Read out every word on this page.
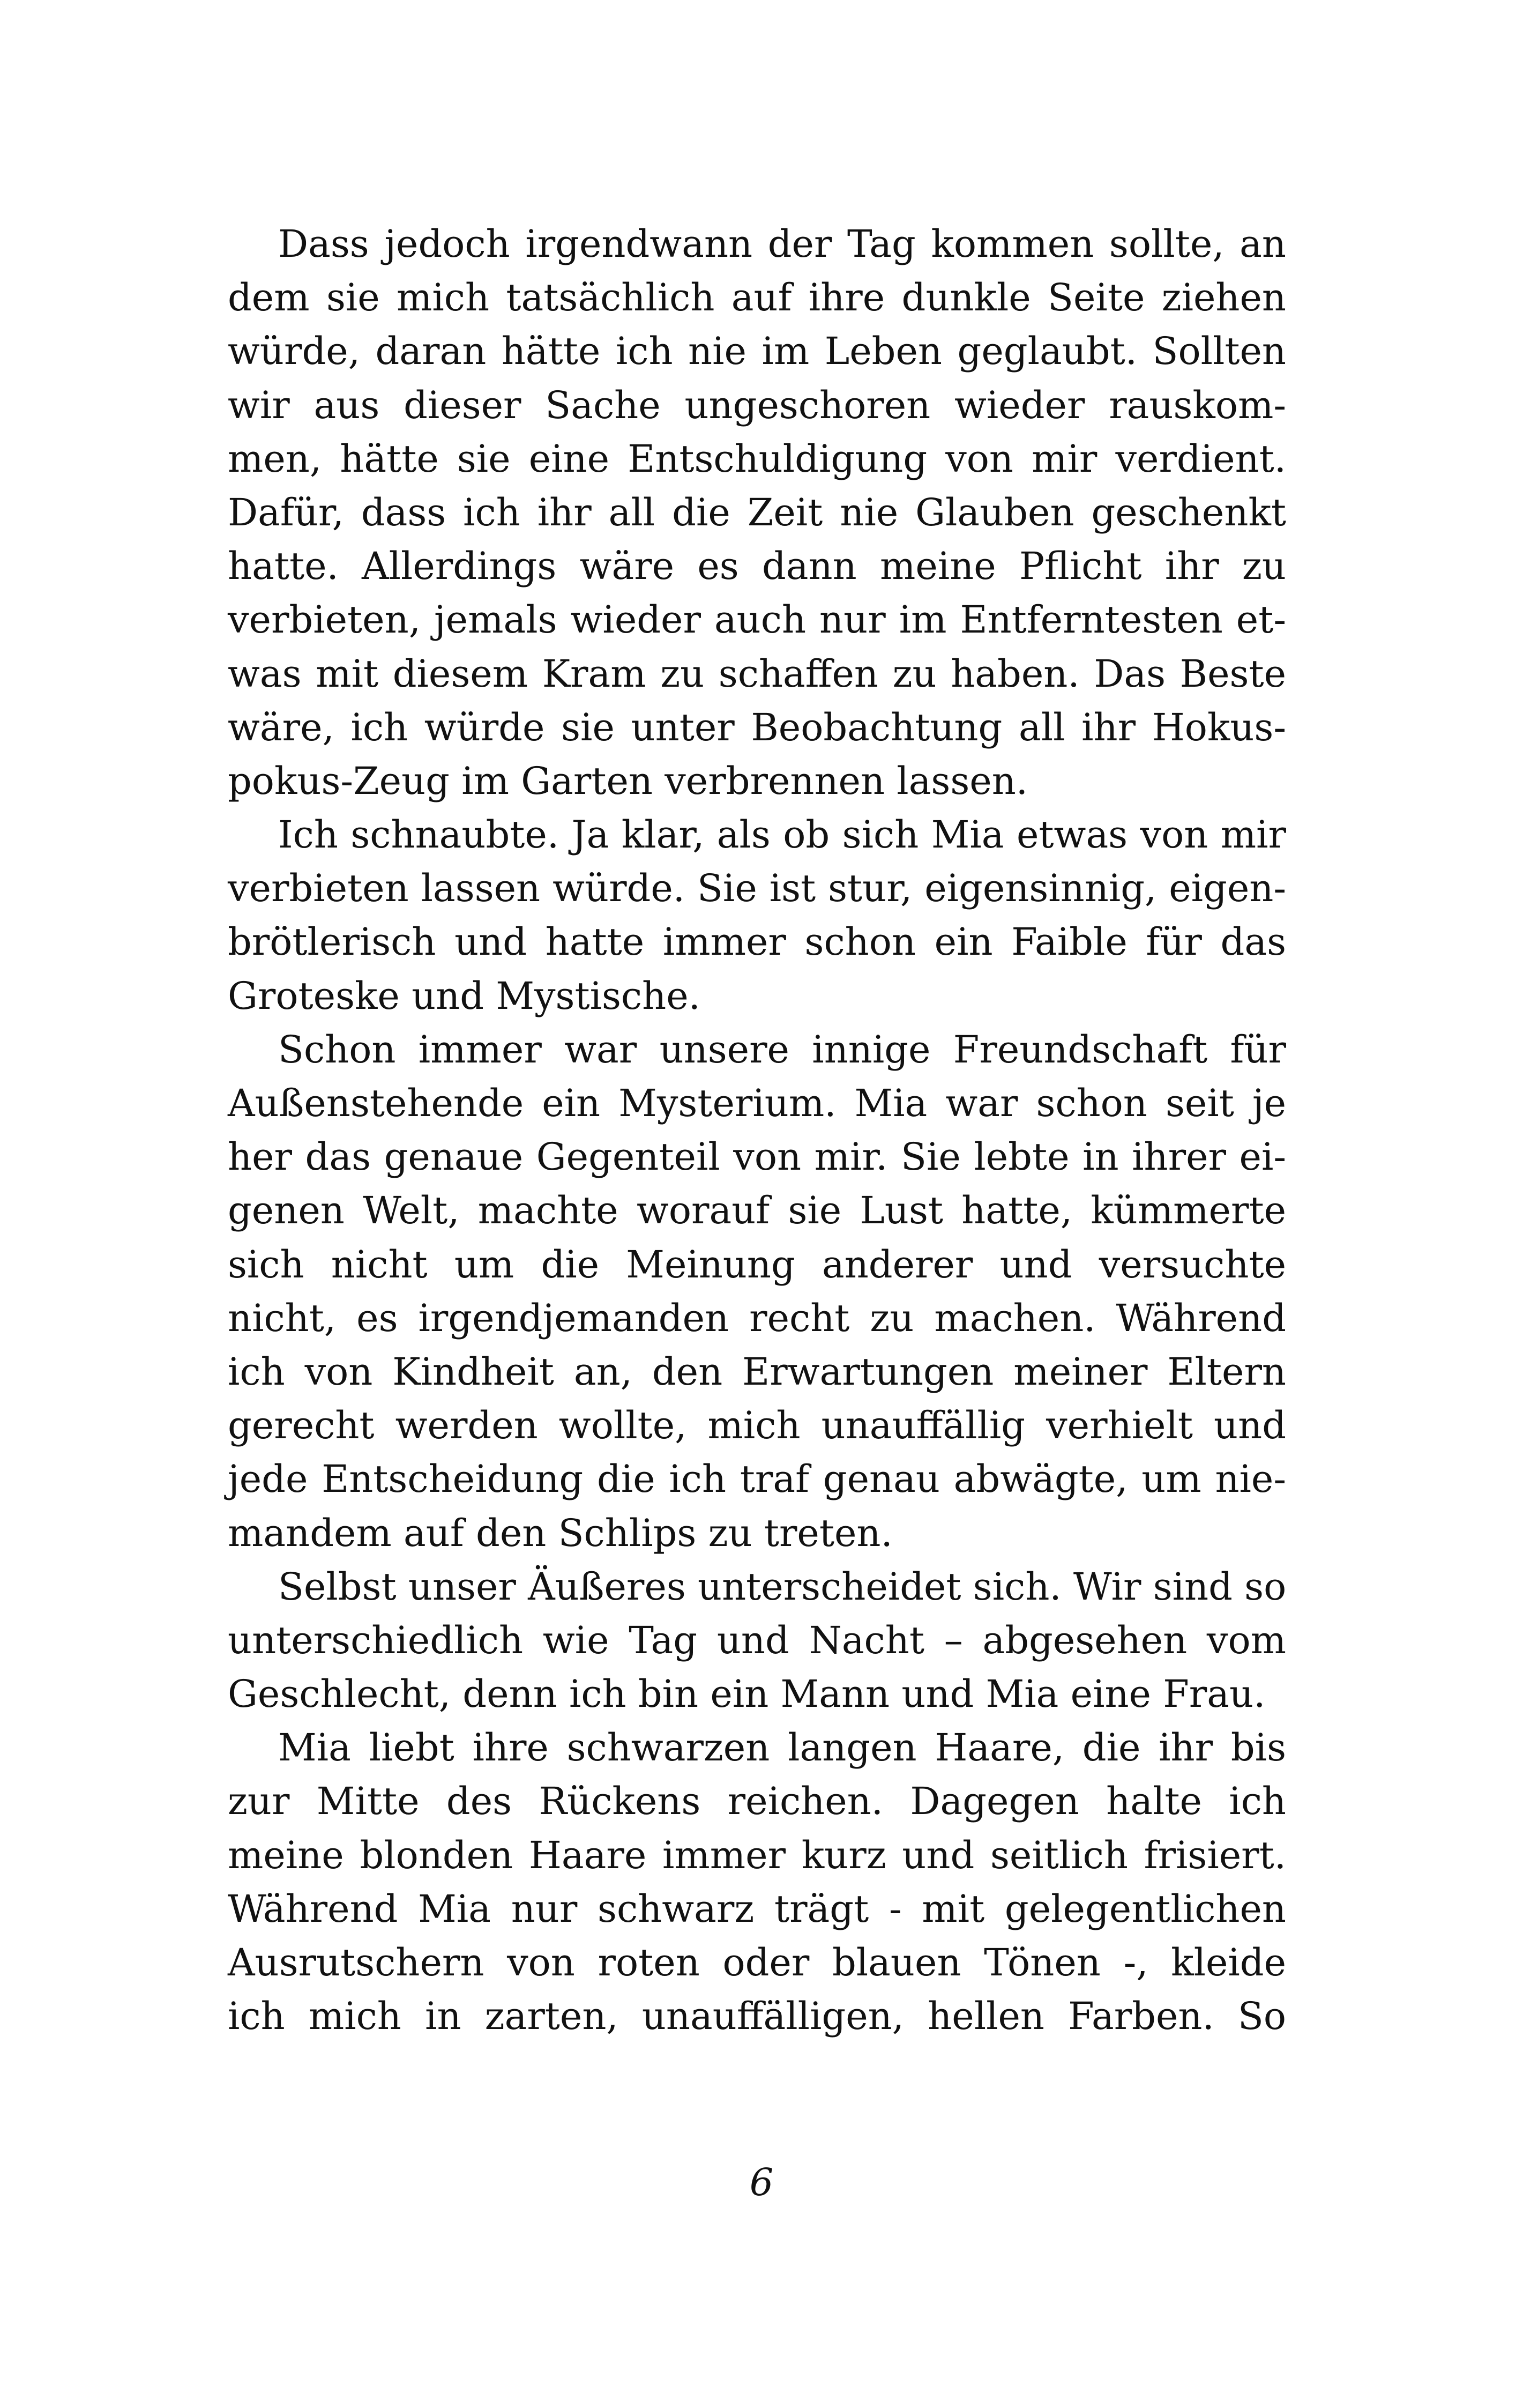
Dass jedoch irgendwann der Tag kommen sollte, an
dem sie mich tatsächlich auf ihre dunkle Seite ziehen
würde, daran hätte ich nie im Leben geglaubt. Sollten
wir aus dieser Sache ungeschoren wieder rauskom-
men, hätte sie eine Entschuldigung von mir verdient.
Dafür, dass ich ihr all die Zeit nie Glauben geschenkt
hatte. Allerdings wäre es dann meine Pflicht ihr zu
verbieten, jemals wieder auch nur im Entferntesten et-
was mit diesem Kram zu schaffen zu haben. Das Beste
wäre, ich würde sie unter Beobachtung all ihr Hokus-
pokus-Zeug im Garten verbrennen lassen.
Ich schnaubte. Ja klar, als ob sich Mia etwas von mir
verbieten lassen würde. Sie ist stur, eigensinnig, eigen-
brötlerisch und hatte immer schon ein Faible für das
Groteske und Mystische.
Schon immer war unsere innige Freundschaft für
Außenstehende ein Mysterium. Mia war schon seit je
her das genaue Gegenteil von mir. Sie lebte in ihrer ei-
genen Welt, machte worauf sie Lust hatte, kümmerte
sich nicht um die Meinung anderer und versuchte
nicht, es irgendjemanden recht zu machen. Während
ich von Kindheit an, den Erwartungen meiner Eltern
gerecht werden wollte, mich unauffällig verhielt und
jede Entscheidung die ich traf genau abwägte, um nie-
mandem auf den Schlips zu treten.
Selbst unser Äußeres unterscheidet sich. Wir sind so
unterschiedlich wie Tag und Nacht – abgesehen vom
Geschlecht, denn ich bin ein Mann und Mia eine Frau.
Mia liebt ihre schwarzen langen Haare, die ihr bis
zur Mitte des Rückens reichen. Dagegen halte ich
meine blonden Haare immer kurz und seitlich frisiert.
Während Mia nur schwarz trägt - mit gelegentlichen
Ausrutschern von roten oder blauen Tönen -, kleide
ich mich in zarten, unauffälligen, hellen Farben. So
6
